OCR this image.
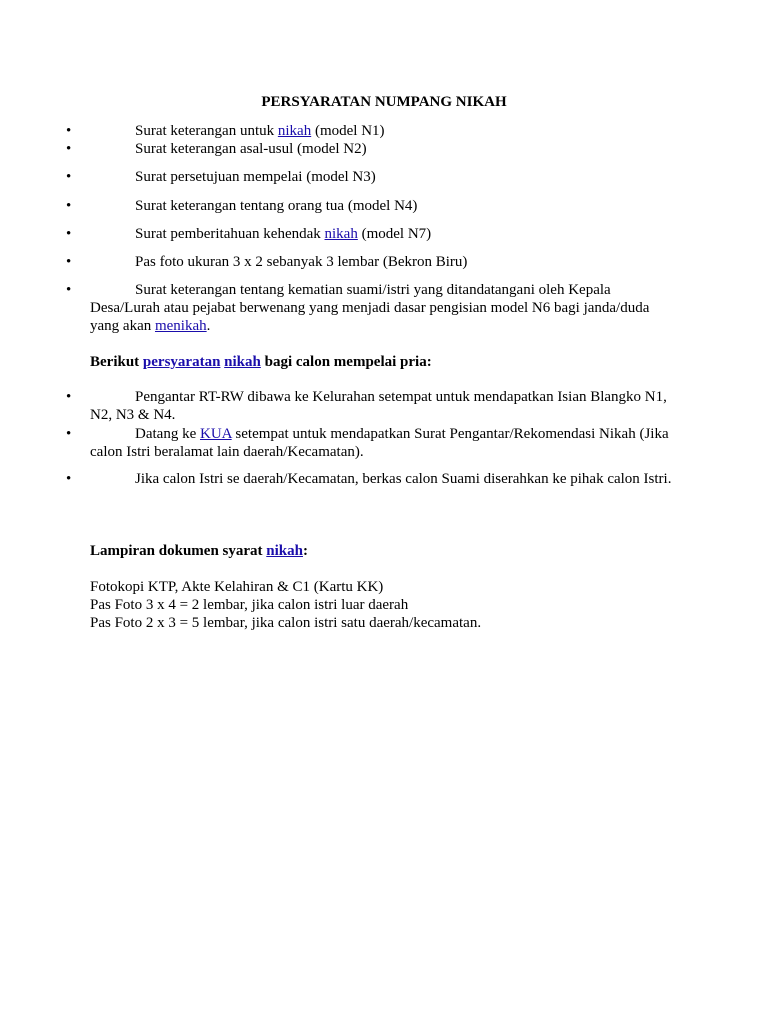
PERSYARATAN NUMPANG NIKAH
• Surat keterangan untuk nikah (model N1)
• Surat keterangan asal-usul (model N2)
• Surat persetujuan mempelai (model N3)
• Surat keterangan tentang orang tua (model N4)
• Surat pemberitahuan kehendak nikah (model N7)
• Pas foto ukuran 3 x 2 sebanyak 3 lembar (Bekron Biru)
• Surat keterangan tentang kematian suami/istri yang ditandatangani oleh Kepala Desa/Lurah atau pejabat berwenang yang menjadi dasar pengisian model N6 bagi janda/duda yang akan menikah.
Berikut persyaratan nikah bagi calon mempelai pria:
• Pengantar RT-RW dibawa ke Kelurahan setempat untuk mendapatkan Isian Blangko N1, N2, N3 & N4.
• Datang ke KUA setempat untuk mendapatkan Surat Pengantar/Rekomendasi Nikah (Jika calon Istri beralamat lain daerah/Kecamatan).
• Jika calon Istri se daerah/Kecamatan, berkas calon Suami diserahkan ke pihak calon Istri.
Lampiran dokumen syarat nikah:
Fotokopi KTP, Akte Kelahiran & C1 (Kartu KK)
Pas Foto 3 x 4 = 2 lembar, jika calon istri luar daerah
Pas Foto 2 x 3 = 5 lembar, jika calon istri satu daerah/kecamatan.
